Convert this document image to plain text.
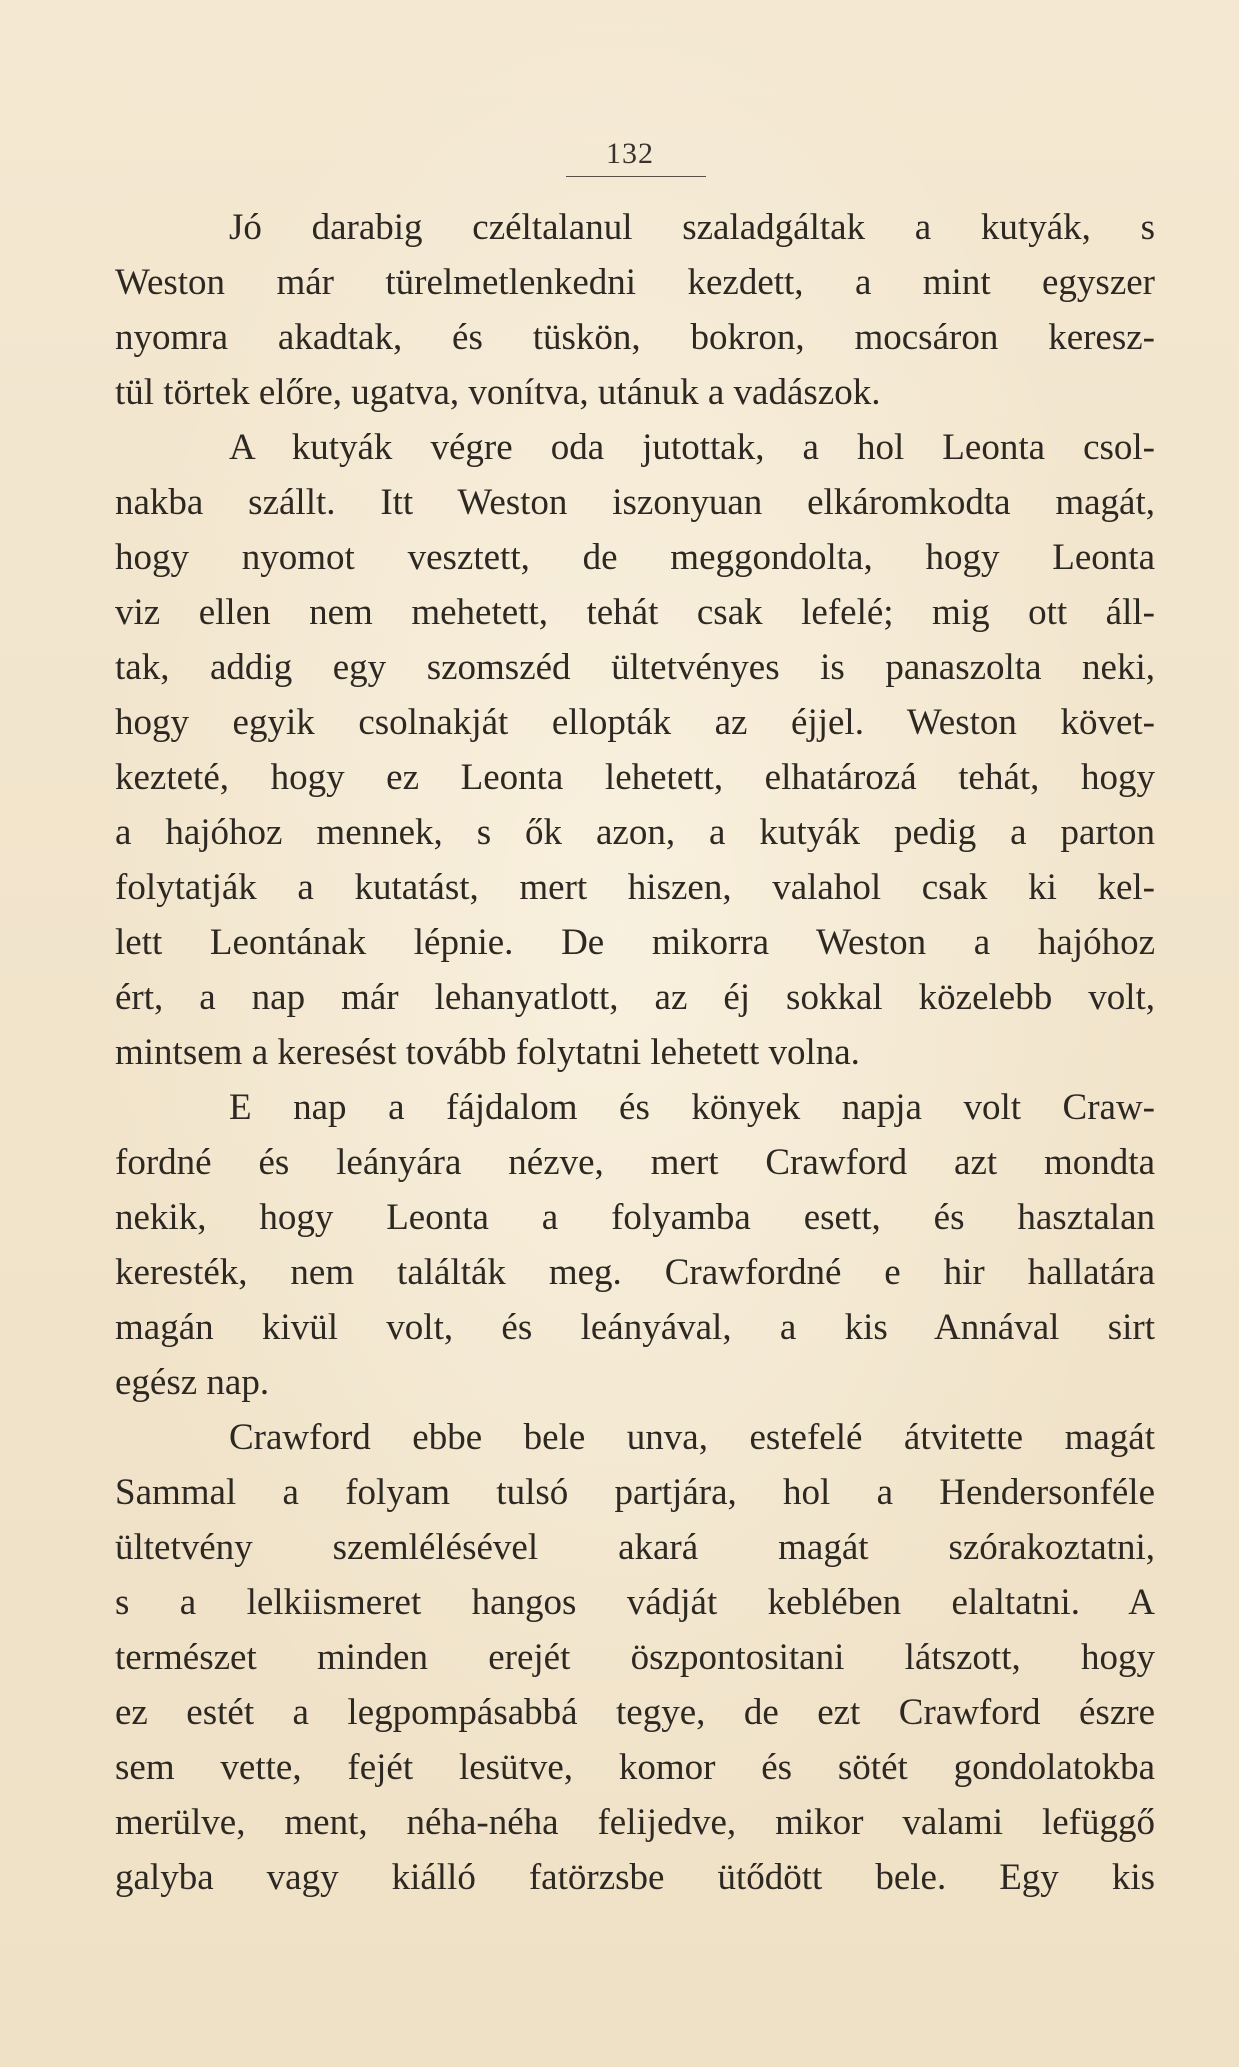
132
Jó darabig czéltalanul szaladgáltak a kutyák, s
Weston már türelmetlenkedni kezdett, a mint egyszer
nyomra akadtak, és tüskön, bokron, mocsáron keresz-
tül törtek előre, ugatva, vonítva, utánuk a vadászok.
A kutyák végre oda jutottak, a hol Leonta csol-
nakba szállt. Itt Weston iszonyuan elkáromkodta magát,
hogy nyomot vesztett, de meggondolta, hogy Leonta
viz ellen nem mehetett, tehát csak lefelé; mig ott áll-
tak, addig egy szomszéd ültetvényes is panaszolta neki,
hogy egyik csolnakját ellopták az éjjel. Weston követ-
kezteté, hogy ez Leonta lehetett, elhatározá tehát, hogy
a hajóhoz mennek, s ők azon, a kutyák pedig a parton
folytatják a kutatást, mert hiszen, valahol csak ki kel-
lett Leontának lépnie. De mikorra Weston a hajóhoz
ért, a nap már lehanyatlott, az éj sokkal közelebb volt,
mintsem a keresést tovább folytatni lehetett volna.
E nap a fájdalom és könyek napja volt Craw-
fordné és leányára nézve, mert Crawford azt mondta
nekik, hogy Leonta a folyamba esett, és hasztalan
keresték, nem találták meg. Crawfordné e hir hallatára
magán kivül volt, és leányával, a kis Annával sirt
egész nap.
Crawford ebbe bele unva, estefelé átvitette magát
Sammal a folyam tulsó partjára, hol a Hendersonféle
ültetvény szemlélésével akará magát szórakoztatni,
s a lelkiismeret hangos vádját keblében elaltatni. A
természet minden erejét öszpontositani látszott, hogy
ez estét a legpompásabbá tegye, de ezt Crawford észre
sem vette, fejét lesütve, komor és sötét gondolatokba
merülve, ment, néha-néha felijedve, mikor valami lefüggő
galyba vagy kiálló fatörzsbe ütődött bele. Egy kis
